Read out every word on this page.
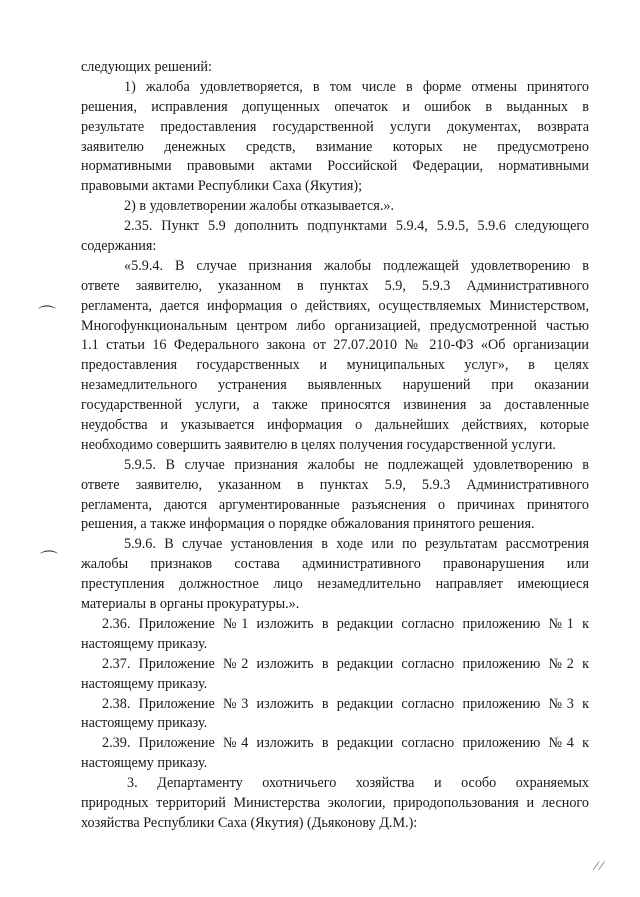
следующих решений:
1) жалоба удовлетворяется, в том числе в форме отмены принятого
решения, исправления допущенных опечаток и ошибок в выданных в
результате предоставления государственной услуги документах, возврата
заявителю денежных средств, взимание которых не предусмотрено
нормативными правовыми актами Российской Федерации, нормативными
правовыми актами Республики Саха (Якутия);
2) в удовлетворении жалобы отказывается.».
2.35. Пункт 5.9 дополнить подпунктами 5.9.4, 5.9.5, 5.9.6 следующего
содержания:
«5.9.4. В случае признания жалобы подлежащей удовлетворению в
ответе заявителю, указанном в пунктах 5.9, 5.9.3 Административного
регламента, дается информация о действиях, осуществляемых Министерством,
Многофункциональным центром либо организацией, предусмотренной частью
1.1 статьи 16 Федерального закона от 27.07.2010 № 210-ФЗ «Об организации
предоставления государственных и муниципальных услуг», в целях
незамедлительного устранения выявленных нарушений при оказании
государственной услуги, а также приносятся извинения за доставленные
неудобства и указывается информация о дальнейших действиях, которые
необходимо совершить заявителю в целях получения государственной услуги.
5.9.5. В случае признания жалобы не подлежащей удовлетворению в
ответе заявителю, указанном в пунктах 5.9, 5.9.3 Административного
регламента, даются аргументированные разъяснения о причинах принятого
решения, а также информация о порядке обжалования принятого решения.
5.9.6. В случае установления в ходе или по результатам рассмотрения
жалобы признаков состава административного правонарушения или
преступления должностное лицо незамедлительно направляет имеющиеся
материалы в органы прокуратуры.».
2.36. Приложение №1 изложить в редакции согласно приложению №1 к
настоящему приказу.
2.37. Приложение №2 изложить в редакции согласно приложению №2 к
настоящему приказу.
2.38. Приложение №3 изложить в редакции согласно приложению №3 к
настоящему приказу.
2.39. Приложение №4 изложить в редакции согласно приложению №4 к
настоящему приказу.
3. Департаменту охотничьего хозяйства и особо охраняемых
природных территорий Министерства экологии, природопользования и лесного
хозяйства Республики Саха (Якутия) (Дьяконову Д.М.):
⌒
⌒
⁄ ⁄
